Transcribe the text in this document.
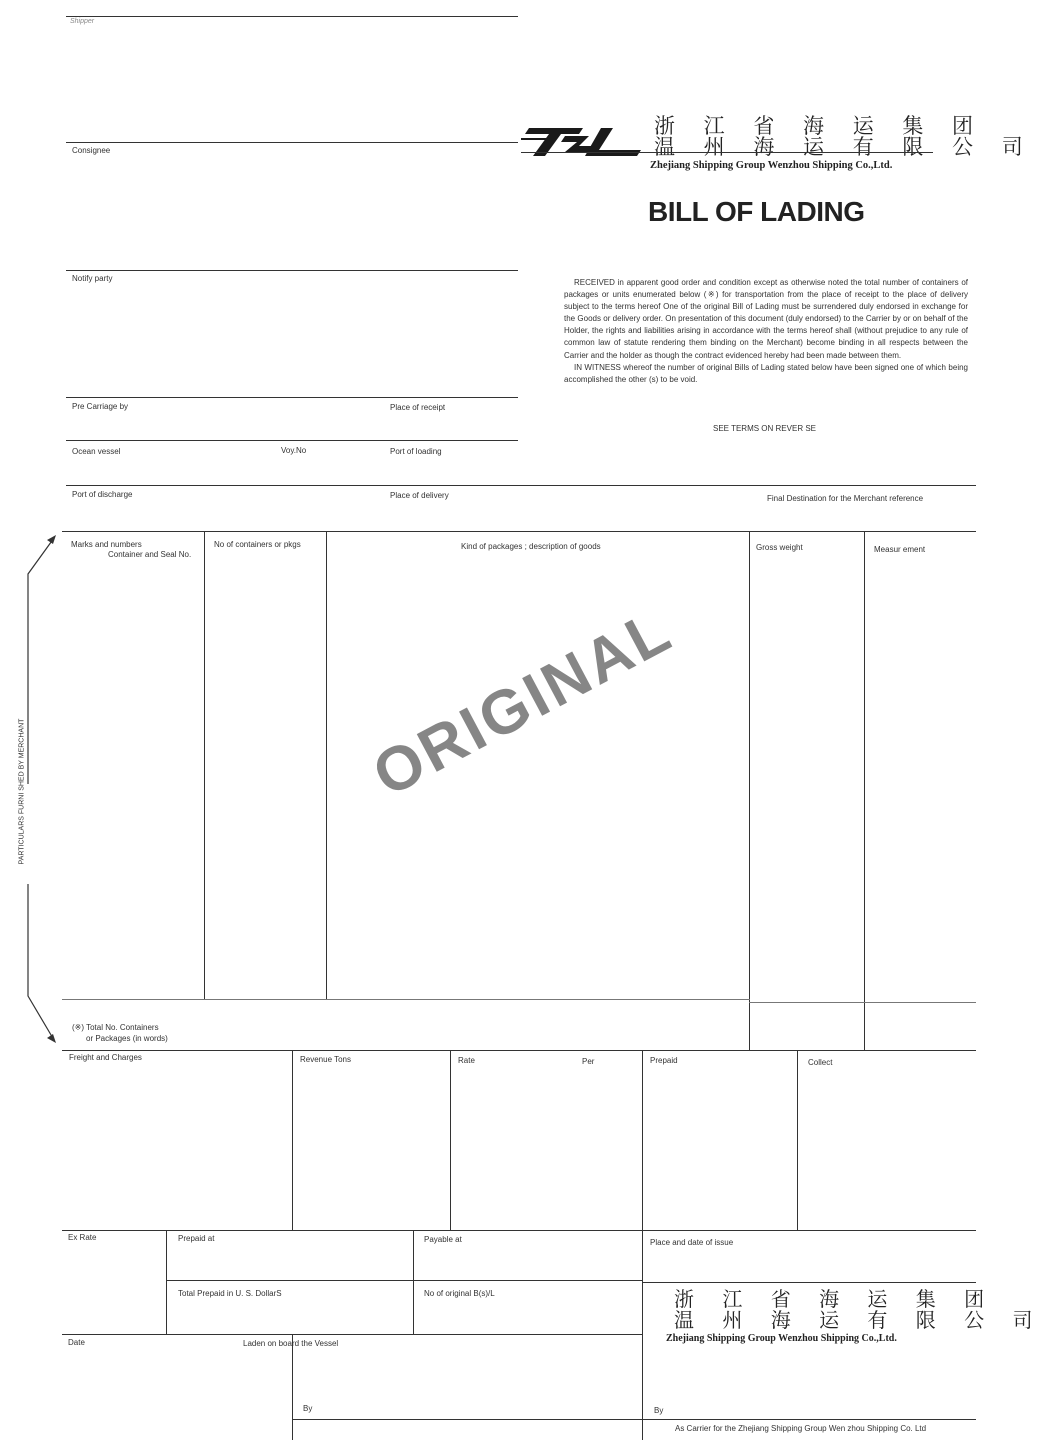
Shipper
Consignee
Notify party
浙 江 省 海 运 集 团
温 州 海 运 有 限 公 司
Zhejiang Shipping Group Wenzhou Shipping Co.,Ltd.
BILL OF LADING

RECEIVED in apparent good order and condition except as otherwise noted the total number of containers of packages or units enumerated below (※) for transportation from the place of receipt to the place of delivery subject to the terms hereof One of the original Bill of Lading must be surrendered duly endorsed in exchange for the Goods or delivery order. On presentation of this document (duly endorsed) to the Carrier by or on behalf of the Holder, the rights and liabilities arising in accordance with the terms hereof shall (without prejudice to any rule of common law of statute rendering them binding on the Merchant) become binding in all respects between the Carrier and the holder as though the contract evidenced hereby had been made between them.

IN WITNESS whereof the number of original Bills of Lading stated below have been signed one of which being accomplished the other (s) to be void.

SEE TERMS ON REVER SE
Pre Carriage by	Place of receipt
Ocean vessel	Voy.No	Port of loading
Port of discharge	Place of delivery	Final Destination for the Merchant reference
Marks and numbers
Container and Seal No.
No of containers or pkgs	Kind of packages ; description of goods	Gross weight	Measur ement
ORIGINAL
PARTICULARS FURNI SHED BY MERCHANT
(※) Total No. Containers
or Packages (in words)
Freight and Charges	Revenue Tons	Rate	Per	Prepaid	Collect
Ex Rate	Prepaid at	Payable at	Place and date of issue
Total Prepaid in U. S. DollarS	No of original B(s)/L	浙 江 省 海 运 集 团
温 州 海 运 有 限 公 司
Zhejiang Shipping Group Wenzhou Shipping Co.,Ltd.
Date	Laden on board the Vessel
By	By
As Carrier for the Zhejiang Shipping Group Wen zhou Shipping Co. Ltd
